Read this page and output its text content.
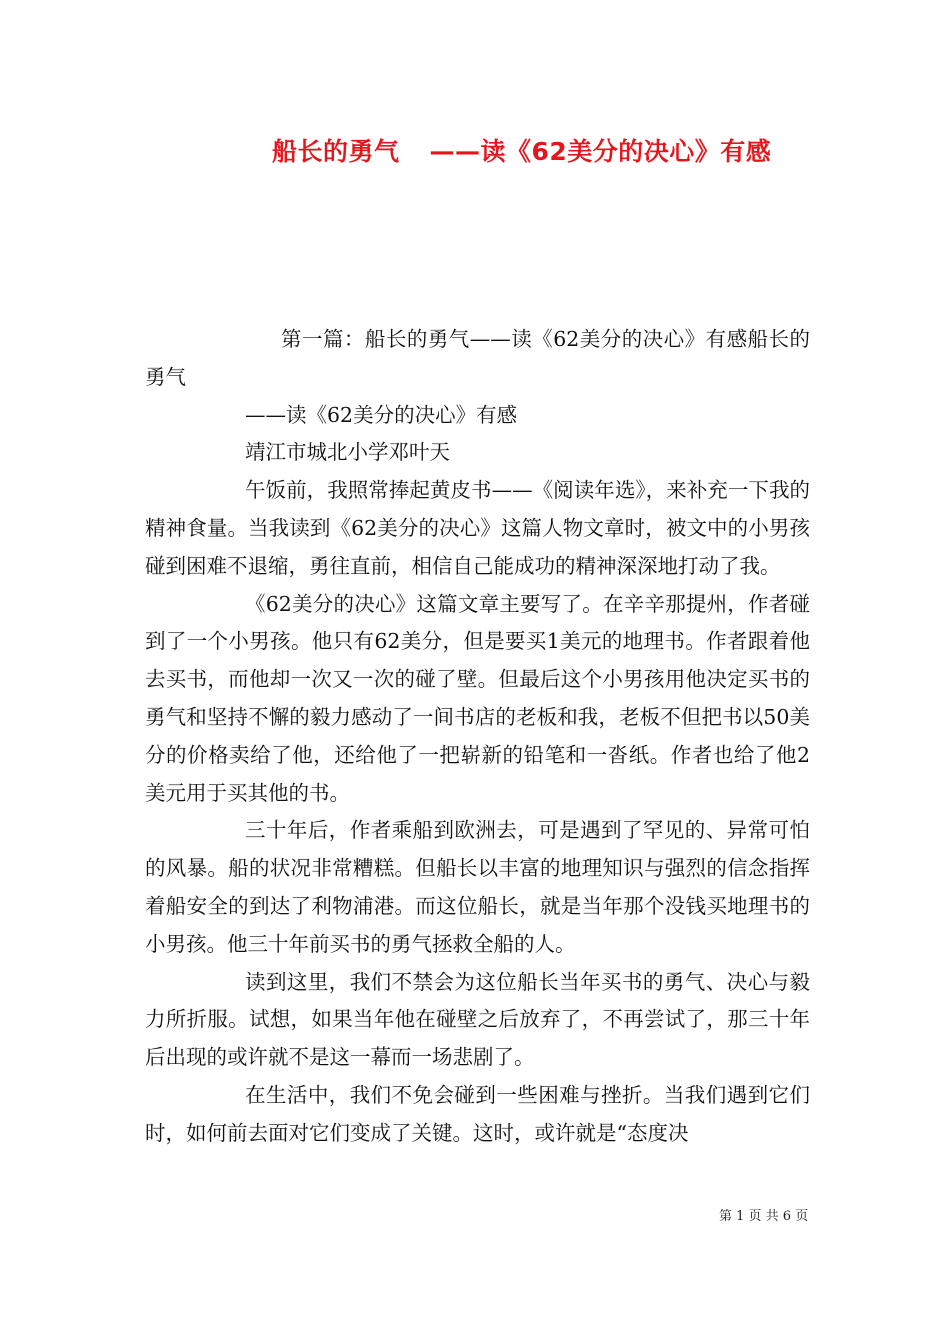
船长的勇气 ——读《62美分的决心》有感

第一篇：船长的勇气——读《62美分的决心》有感船长的勇气

——读《62美分的决心》有感

靖江市城北小学邓叶天

午饭前，我照常捧起黄皮书——《阅读年选》，来补充一下我的精神食量。当我读到《62美分的决心》这篇人物文章时，被文中的小男孩碰到困难不退缩，勇往直前，相信自己能成功的精神深深地打动了我。

《62美分的决心》这篇文章主要写了。在辛辛那提州，作者碰到了一个小男孩。他只有62美分，但是要买1美元的地理书。作者跟着他去买书，而他却一次又一次的碰了壁。但最后这个小男孩用他决定买书的勇气和坚持不懈的毅力感动了一间书店的老板和我，老板不但把书以50美分的价格卖给了他，还给他了一把崭新的铅笔和一沓纸。作者也给了他2美元用于买其他的书。

三十年后，作者乘船到欧洲去，可是遇到了罕见的、异常可怕的风暴。船的状况非常糟糕。但船长以丰富的地理知识与强烈的信念指挥着船安全的到达了利物浦港。而这位船长，就是当年那个没钱买地理书的小男孩。他三十年前买书的勇气拯救全船的人。

读到这里，我们不禁会为这位船长当年买书的勇气、决心与毅力所折服。试想，如果当年他在碰壁之后放弃了，不再尝试了，那三十年后出现的或许就不是这一幕而一场悲剧了。

在生活中，我们不免会碰到一些困难与挫折。当我们遇到它们时，如何前去面对它们变成了关键。这时，或许就是“态度决

第 1 页 共 6 页
